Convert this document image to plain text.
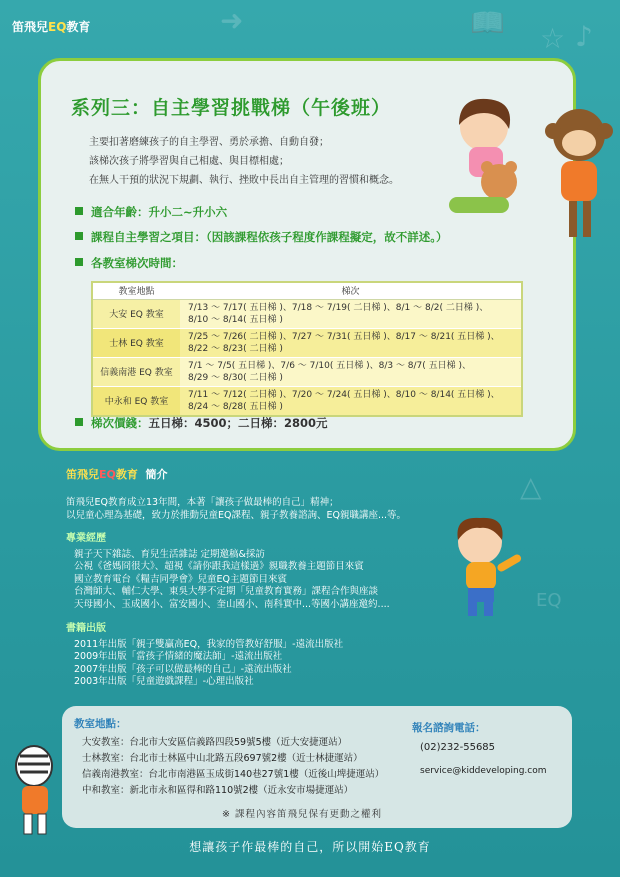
➜	📖 ☆ ♪
△
EQ
笛飛兒EQ教育
系列三：自主學習挑戰梯（午後班）
主要扣著磨練孩子的自主學習、勇於承擔、自動自發；
該梯次孩子將學習與自己相處、與目標相處；
在無人干預的狀況下規劃、執行、挫敗中長出自主管理的習慣和概念。
適合年齡：升小二~升小六
課程自主學習之項目：（因該課程依孩子程度作課程擬定，故不詳述。）
各教室梯次時間：
教室地點	梯次
大安 EQ 教室	7/13 ～ 7/17( 五日梯 )、7/18 ～ 7/19( 二日梯 )、8/1 ～ 8/2( 二日梯 )、
8/10 ～ 8/14( 五日梯 )

士林 EQ 教室	7/25 ～ 7/26( 二日梯 )、7/27 ～ 7/31( 五日梯 )、8/17 ～ 8/21( 五日梯 )、
8/22 ～ 8/23( 二日梯 )

信義南港 EQ 教室	7/1 ～ 7/5( 五日梯 )、7/6 ～ 7/10( 五日梯 )、8/3 ～ 8/7( 五日梯 )、
8/29 ～ 8/30( 二日梯 )

中永和 EQ 教室	7/11 ～ 7/12( 二日梯 )、7/20 ～ 7/24( 五日梯 )、8/10 ～ 8/14( 五日梯 )、
8/24 ～ 8/28( 五日梯 )
梯次價錢：五日梯：4500；二日梯：2800元
笛飛兒EQ教育 簡介
笛飛兒EQ教育成立13年間，本著「讓孩子做最棒的自己」精神；
以兒童心理為基礎，致力於推動兒童EQ課程、親子教養諮詢、EQ親職講座...等。
專業經歷
親子天下雜誌、育兒生活雜誌 定期邀稿&採訪
公視《爸媽冏很大》、超視《請你跟我這樣過》親職教養主題節目來賓
國立教育電台《糧吉同學會》兒童EQ主題節目來賓
台灣師大、輔仁大學、東吳大學不定期「兒童教育實務」課程合作與座談
天母國小、玉成國小、富安國小、奎山國小、南科實中...等國小講座邀約....
書籍出版
2011年出版「親子雙贏高EQ，我家的管教好舒服」-遠流出版社
2009年出版「當孩子情緒的魔法師」-遠流出版社
2007年出版「孩子可以做最棒的自己」-遠流出版社
2003年出版「兒童遊戲課程」-心理出版社
教室地點：
大安教室：台北市大安區信義路四段59號5樓（近大安捷運站）
士林教室：台北市士林區中山北路五段697號2樓（近士林捷運站）
信義南港教室：台北市南港區玉成街140巷27號1樓（近後山埤捷運站）
中和教室：新北市永和區得和路110號2樓（近永安市場捷運站）
報名諮詢電話：
(02)232-55685
service@kiddeveloping.com
※ 課程內容笛飛兒保有更動之權利
想讓孩子作最棒的自己，所以開始EQ教育
